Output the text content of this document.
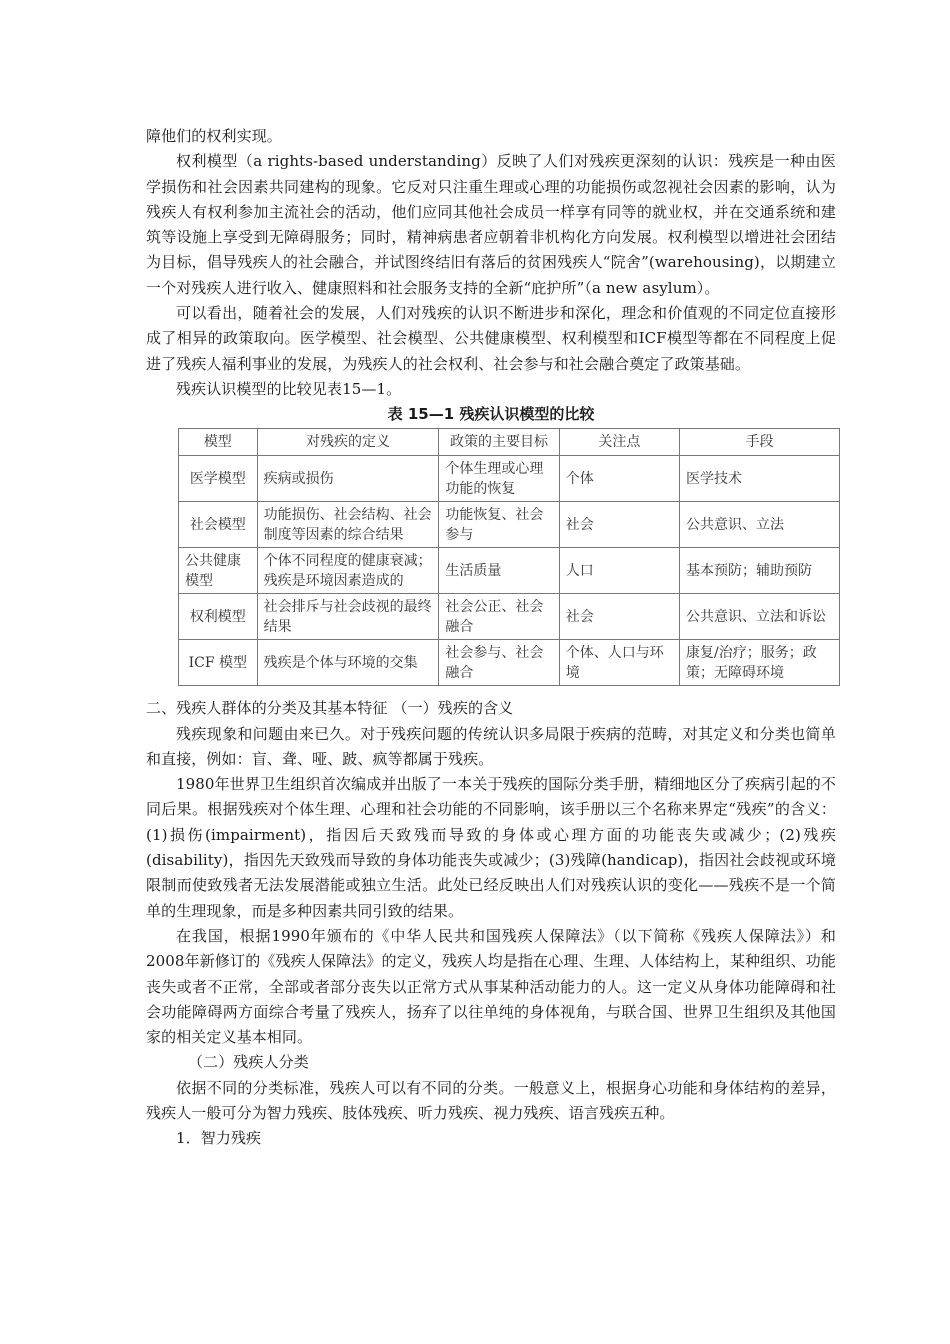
障他们的权利实现。

权利模型（a rights-based understanding）反映了人们对残疾更深刻的认识：残疾是一种由医学损伤和社会因素共同建构的现象。它反对只注重生理或心理的功能损伤或忽视社会因素的影响，认为残疾人有权利参加主流社会的活动，他们应同其他社会成员一样享有同等的就业权，并在交通系统和建筑等设施上享受到无障碍服务；同时，精神病患者应朝着非机构化方向发展。权利模型以增进社会团结为目标，倡导残疾人的社会融合，并试图终结旧有落后的贫困残疾人“院舍”(warehousing)，以期建立一个对残疾人进行收入、健康照料和社会服务支持的全新“庇护所”（a new asylum）。

可以看出，随着社会的发展，人们对残疾的认识不断进步和深化，理念和价值观的不同定位直接形成了相异的政策取向。医学模型、社会模型、公共健康模型、权利模型和ICF模型等都在不同程度上促进了残疾人福利事业的发展，为残疾人的社会权利、社会参与和社会融合奠定了政策基础。

残疾认识模型的比较见表15—1。

表 15—1 残疾认识模型的比较
模型	对残疾的定义	政策的主要目标	关注点	手段
医学模型	疾病或损伤	个体生理或心理功能的恢复	个体	医学技术
社会模型	功能损伤、社会结构、社会制度等因素的综合结果	功能恢复、社会参与	社会	公共意识、立法
公共健康模型	个体不同程度的健康衰减；残疾是环境因素造成的	生活质量	人口	基本预防；辅助预防
权利模型	社会排斥与社会歧视的最终结果	社会公正、社会融合	社会	公共意识、立法和诉讼
ICF 模型	残疾是个体与环境的交集	社会参与、社会融合	个体、人口与环境	康复/治疗；服务；政策；无障碍环境

二、残疾人群体的分类及其基本特征 （一）残疾的含义

残疾现象和问题由来已久。对于残疾问题的传统认识多局限于疾病的范畴，对其定义和分类也简单和直接，例如：盲、聋、哑、跛、疯等都属于残疾。

1980年世界卫生组织首次编成并出版了一本关于残疾的国际分类手册，精细地区分了疾病引起的不同后果。根据残疾对个体生理、心理和社会功能的不同影响，该手册以三个名称来界定“残疾”的含义：(1)损伤(impairment)，指因后天致残而导致的身体或心理方面的功能丧失或减少；(2)残疾(disability)，指因先天致残而导致的身体功能丧失或减少；(3)残障(handicap)，指因社会歧视或环境限制而使致残者无法发展潜能或独立生活。此处已经反映出人们对残疾认识的变化——残疾不是一个简单的生理现象，而是多种因素共同引致的结果。

在我国，根据1990年颁布的《中华人民共和国残疾人保障法》（以下简称《残疾人保障法》）和2008年新修订的《残疾人保障法》的定义，残疾人均是指在心理、生理、人体结构上，某种组织、功能丧失或者不正常，全部或者部分丧失以正常方式从事某种活动能力的人。这一定义从身体功能障碍和社会功能障碍两方面综合考量了残疾人，扬弃了以往单纯的身体视角，与联合国、世界卫生组织及其他国家的相关定义基本相同。

（二）残疾人分类

依据不同的分类标准，残疾人可以有不同的分类。一般意义上，根据身心功能和身体结构的差异，残疾人一般可分为智力残疾、肢体残疾、听力残疾、视力残疾、语言残疾五种。

1．智力残疾
